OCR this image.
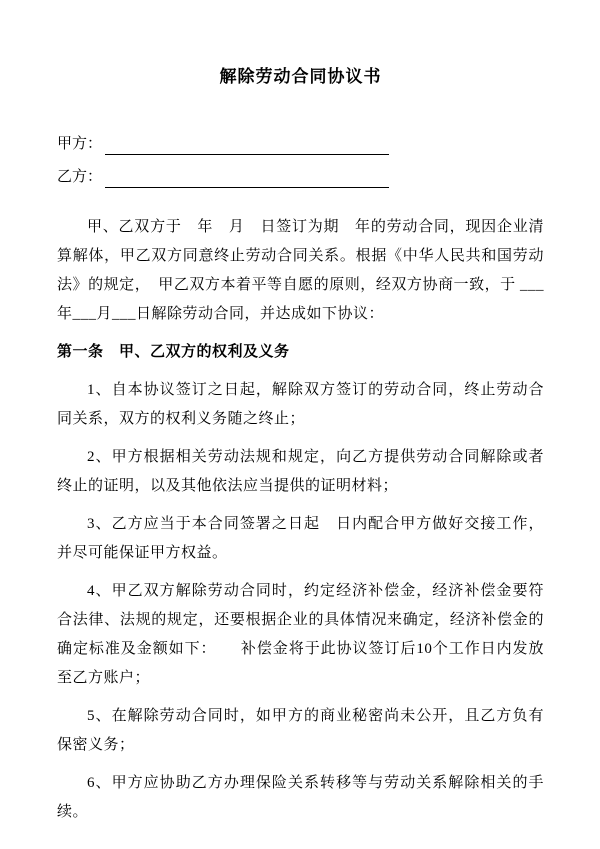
解除劳动合同协议书
甲方：
乙方：

甲、乙双方于　年　月　日签订为期　年的劳动合同，现因企业清算解体，甲乙双方同意终止劳动合同关系。根据《中华人民共和国劳动法》的规定，　甲乙双方本着平等自愿的原则，经双方协商一致，于 ___年___月___日解除劳动合同，并达成如下协议：

第一条　甲、乙双方的权利及义务

1、自本协议签订之日起，解除双方签订的劳动合同，终止劳动合同关系，双方的权利义务随之终止；

2、甲方根据相关劳动法规和规定，向乙方提供劳动合同解除或者终止的证明，以及其他依法应当提供的证明材料；

3、乙方应当于本合同签署之日起　日内配合甲方做好交接工作，并尽可能保证甲方权益。

4、甲乙双方解除劳动合同时，约定经济补偿金，经济补偿金要符合法律、法规的规定，还要根据企业的具体情况来确定，经济补偿金的确定标准及金额如下：　　补偿金将于此协议签订后10个工作日内发放至乙方账户；

5、在解除劳动合同时，如甲方的商业秘密尚未公开，且乙方负有保密义务；

6、甲方应协助乙方办理保险关系转移等与劳动关系解除相关的手续。
